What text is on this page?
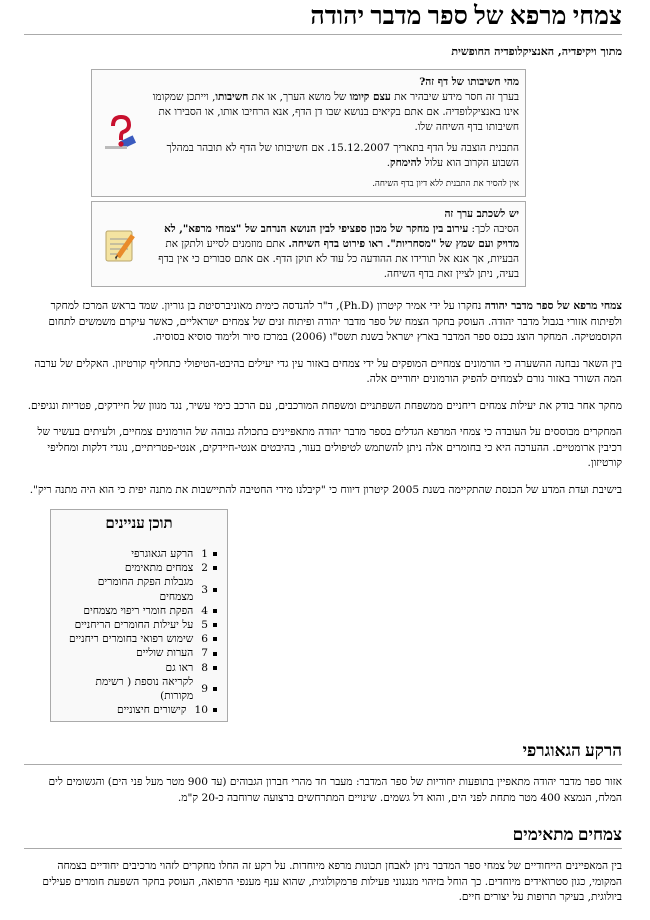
צמחי מרפא של ספר מדבר יהודה
מתוך ויקיפדיה, האנציקלופדיה החופשית
מהי חשיבותו של דף זה?

בערך זה חסר מידע שיבהיר את עצם קיומו של מושא הערך, או את חשיבותו, וייתכן שמקומו אינו באנציקלופדיה. אם אתם בקיאים בנושא שבו דן הדף, אנא הרחיבו אותו, או הסבירו את חשיבותו בדף השיחה שלו.

התבנית הוצבה על הדף בתאריך 15.12.2007. אם חשיבותו של הדף לא תובהר במהלך השבוע הקרוב הוא עלול להימחק.

אין להסיר את התבנית ללא דיון בדף השיחה.
יש לשכתב ערך זה

הסיבה לכך: עירוב בין מחקר של מכון ספציפי לבין הנושא הנרחב של "צמחי מרפא", לא מדויק ועם שמץ של "מסחריות". ראו פירוט בדף השיחה. אתם מוזמנים לסייע ולתקן את הבעיות, אך אנא אל תורידו את ההודעה כל עוד לא תוקן הדף. אם אתם סבורים כי אין בדף בעיה, ניתן לציין זאת בדף השיחה.

צמחי מרפא של ספר מדבר יהודה נחקרו על ידי אמיר קיטרון (Ph.D), ד"ר להנדסה כימית מאוניברסיטת בן גוריון. שמד בראש המרכז למחקר ולפיתוח אזורי בגבול מדבר יהודה. העוסק בחקר הצמח של ספר מדבר יהודה ופיתוח זנים של צמחים ישראליים, כאשר עיקרם משמשים לתחום הקוסמטיקה. המחקר הוצג בכנס ספר המדבר בארץ ישראל בשנת תשס"ו (2006) במרכז סיור ולימוד סוסיא בסוסיה.

בין השאר נבחנה ההשערה כי הורמונים צמחיים המופקים על ידי צמחים באזור עין גדי יעילים בהיבט-הטיפולי כתחליף קורטיזון. האקלים של ערבה המה השורר באזור גורם לצמחים להפיק הורמונים יחודיים אלה.

מחקר אחר בודק את יעילות צמחים ריחניים ממשפחת השפתניים ומשפחת המורכבים, עם הרכב כימי עשיר, נגד מגוון של חיידקים, פטריות ונגיפים.

המחקרים מבוססים על העובדה כי צמחי המרפא הגדלים בספר מדבר יהודה מתאפיינים בתכולה גבוהה של הורמונים צמחיים, ולעיתים בעשיר של רכיבין ארומטיים. ההערכה היא כי בחומרים אלה ניתן להשתמש לטיפולים בעור, בהיבטים אנטי-חיידקים, אנטי-פטריתיים, נוגדי דלקות ומחליפי קורטיזון.

בישיבת ועדת המדע של הכנסת שהתקיימה בשנת 2005 קיטרון דיווח כי "קיבלנו מידי החטיבה להתיישבות את מתנה יפית כי הוא היה מתנה ריק".

תוכן עניינים
1
הרקע הגאוגרפי
2
צמחים מתאימים
3
מגבלות הפקת החומרים מצמחים
4
הפקת חומרי ריפוי מצמחים
5
על יעילות החומרים הריחניים
6
שימוש רפואי בחומרים ריחניים
7
הערות שוליים
8
ראו גם
9
לקריאה נוספת ( רשימת מקורות)
10
קישורים חיצוניים
הרקע הגאוגרפי

אזור ספר מדבר יהודה מתאפיין בתופעות יחודיות של ספר המדבר: מעבר חד מהרי חברון הגבוהים (עד 900 מטר מעל פני הים) והגשומים לים המלח, הנמצא 400 מטר מתחת לפני הים, והוא דל גשמים. שינויים המתרחשים ברצועה שרוחבה כ-20 ק"מ.

צמחים מתאימים

בין המאפיינים הייחודיים של צמחי ספר המדבר ניתן לאבחן תכונות מרפא מיוחדות. על רקע זה החלו מחקרים לזהוי מרכיבים יחודיים בצמחה המקומי, כגון סטרואידים מיוחדים. כך הוחל בזיהוי מנגנוני פעילות פרמקולוגית, שהוא ענף מענפי הרפואה, העוסק בחקר השפעת חומרים פעילים ביולוגית, בעיקר תרופות על יצורים חיים.
